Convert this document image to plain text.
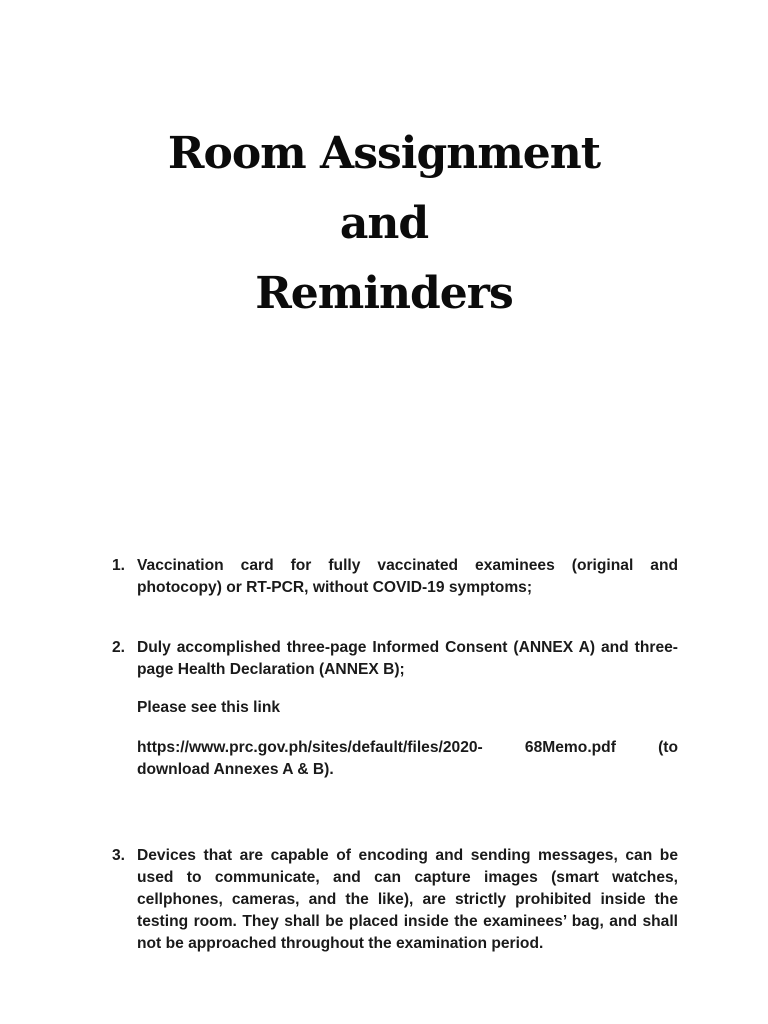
Room Assignment
and
Reminders
1. Vaccination card for fully vaccinated examinees (original and photocopy) or RT-PCR, without COVID-19 symptoms;
2. Duly accomplished three-page Informed Consent (ANNEX A) and three-page Health Declaration (ANNEX B);
Please see this link
https://www.prc.gov.ph/sites/default/files/2020- 68Memo.pdf (to download Annexes A & B).
3. Devices that are capable of encoding and sending messages, can be used to communicate, and can capture images (smart watches, cellphones, cameras, and the like), are strictly prohibited inside the testing room. They shall be placed inside the examinees’ bag, and shall not be approached throughout the examination period.
